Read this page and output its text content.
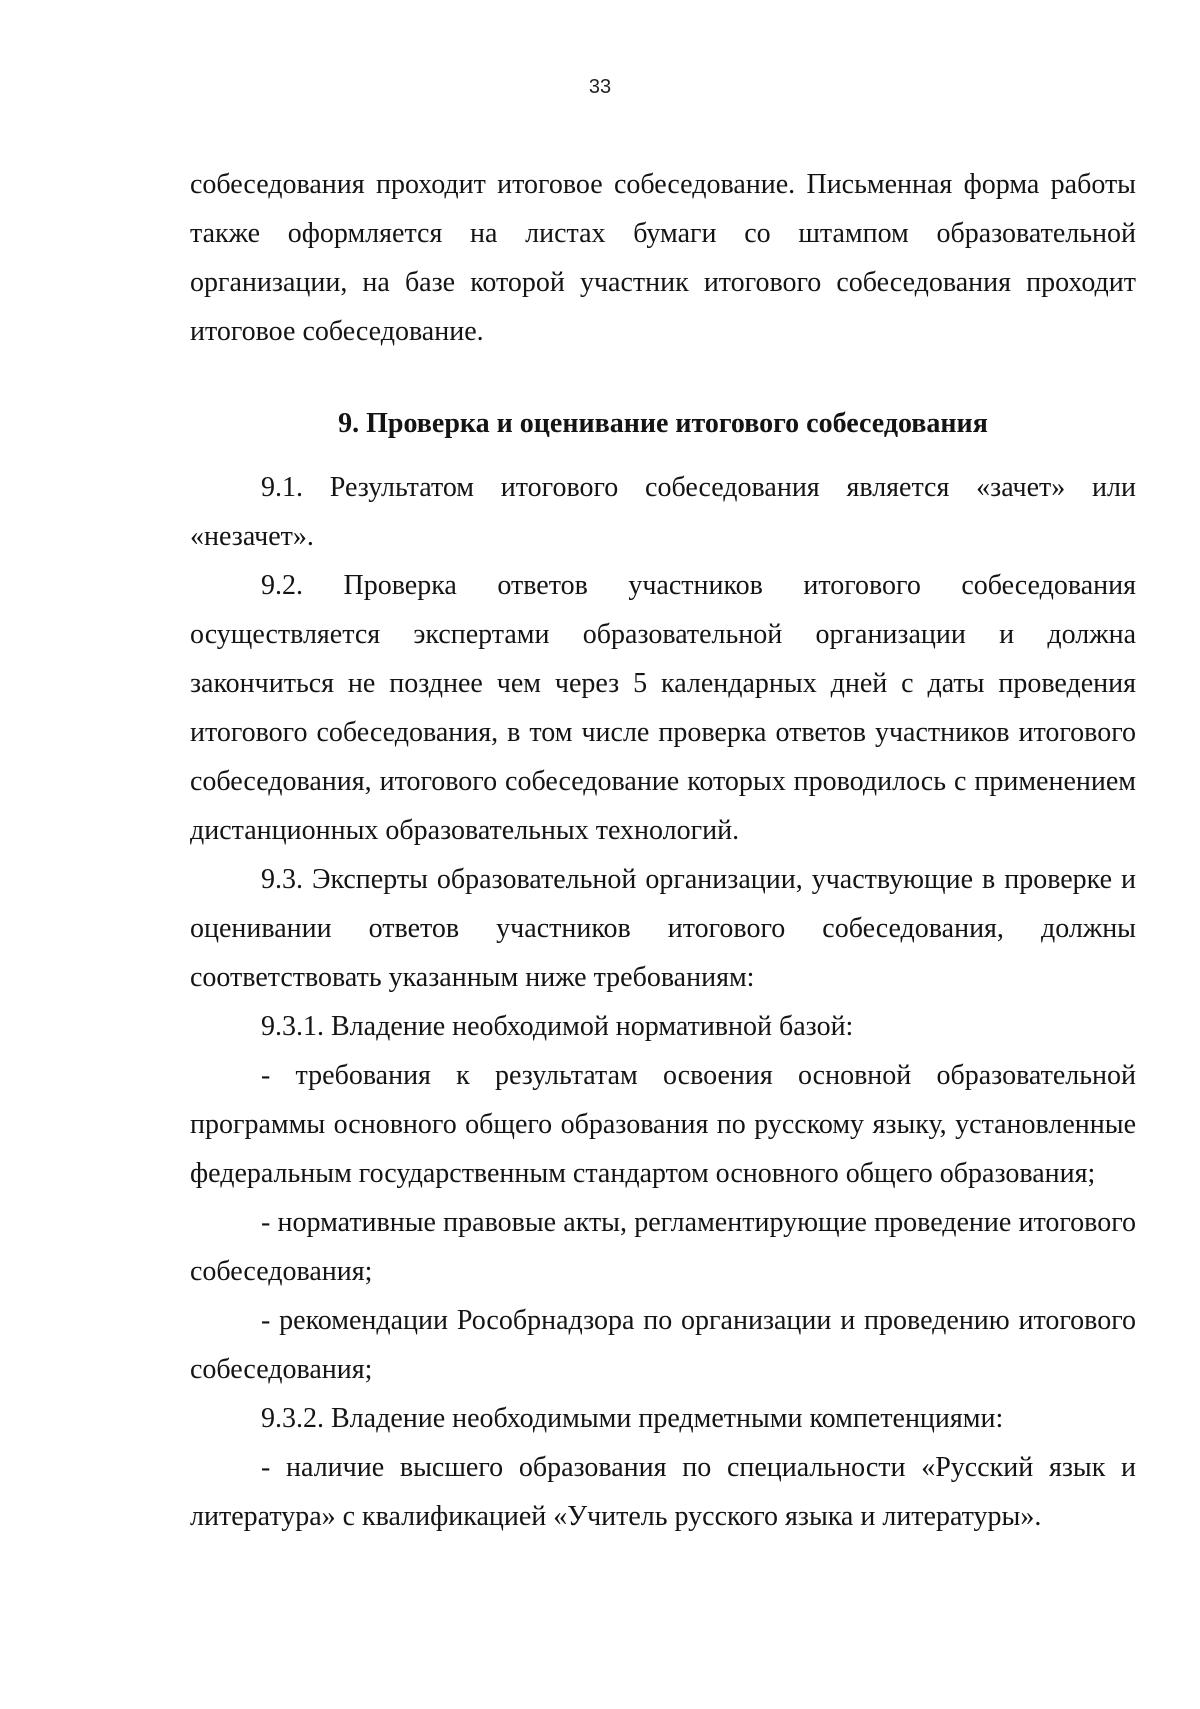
33

собеседования проходит итоговое собеседование. Письменная форма работы также оформляется на листах бумаги со штампом образовательной организации, на базе которой участник итогового собеседования проходит итоговое собеседование.

9. Проверка и оценивание итогового собеседования

9.1. Результатом итогового собеседования является «зачет» или «незачет».

9.2. Проверка ответов участников итогового собеседования осуществляется экспертами образовательной организации и должна закончиться не позднее чем через 5 календарных дней с даты проведения итогового собеседования, в том числе проверка ответов участников итогового собеседования, итогового собеседование которых проводилось с применением дистанционных образовательных технологий.

9.3. Эксперты образовательной организации, участвующие в проверке и оценивании ответов участников итогового собеседования, должны соответствовать указанным ниже требованиям:

9.3.1. Владение необходимой нормативной базой:

- требования к результатам освоения основной образовательной программы основного общего образования по русскому языку, установленные федеральным государственным стандартом основного общего образования;

- нормативные правовые акты, регламентирующие проведение итогового собеседования;

- рекомендации Рособрнадзора по организации и проведению итогового собеседования;

9.3.2. Владение необходимыми предметными компетенциями:

- наличие высшего образования по специальности «Русский язык и литература» с квалификацией «Учитель русского языка и литературы».
